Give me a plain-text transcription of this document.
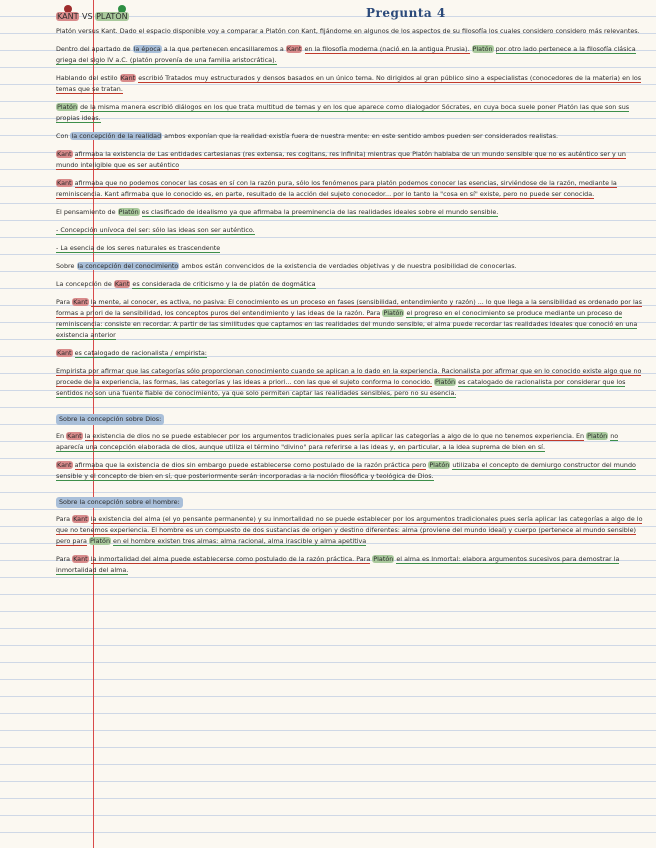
KANT VS PLATÓN	Pregunta 4

Platón versus Kant. Dado el espacio disponible voy a comparar a Platón con Kant, fijándome en algunos de los aspectos de su filosofía los cuales considero considero más relevantes.

Dentro del apartado de la época a la que pertenecen encasillaremos a Kant en la filosofía moderna (nació en la antigua Prusia). Platón por otro lado pertenece a la filosofía clásica griega del siglo IV a.C. (platón provenía de una familia aristocrática).

Hablando del estilo Kant escribió Tratados muy estructurados y densos basados en un único tema. No dirigidos al gran público sino a especialistas (conocedores de la materia) en los temas que se tratan.

Platón de la misma manera escribió diálogos en los que trata multitud de temas y en los que aparece como dialogador Sócrates, en cuya boca suele poner Platón las que son sus propias ideas.

Con la concepción de la realidad ambos exponían que la realidad existía fuera de nuestra mente: en este sentido ambos pueden ser considerados realistas.

Kant afirmaba la existencia de Las entidades cartesianas (res extensa, res cogitans, res infinita) mientras que Platón hablaba de un mundo sensible que no es auténtico ser y un mundo inteligible que es ser auténtico

Kant afirmaba que no podemos conocer las cosas en sí con la razón pura, sólo los fenómenos para platón podemos conocer las esencias, sirviéndose de la razón, mediante la reminiscencia. Kant afirmaba que lo conocido es, en parte, resultado de la acción del sujeto conocedor... por lo tanto la "cosa en sí" existe, pero no puede ser conocida.

El pensamiento de Platón es clasificado de idealismo ya que afirmaba la preeminencia de las realidades ideales sobre el mundo sensible.

- Concepción unívoca del ser: sólo las ideas son ser auténtico.

- La esencia de los seres naturales es trascendente

Sobre la concepción del conocimiento ambos están convencidos de la existencia de verdades objetivas y de nuestra posibilidad de conocerlas.

La concepción de Kant es considerada de criticismo y la de platón de dogmática

Para Kant la mente, al conocer, es activa, no pasiva: El conocimiento es un proceso en fases (sensibilidad, entendimiento y razón) ... lo que llega a la sensibilidad es ordenado por las formas a priori de la sensibilidad, los conceptos puros del entendimiento y las ideas de la razón. Para Platón el progreso en el conocimiento se produce mediante un proceso de reminiscencia: consiste en recordar. A partir de las similitudes que captamos en las realidades del mundo sensible, el alma puede recordar las realidades ideales que conoció en una existencia anterior

Kant es catalogado de racionalista / empirista:

Empirista por afirmar que las categorías sólo proporcionan conocimiento cuando se aplican a lo dado en la experiencia. Racionalista por afirmar que en lo conocido existe algo que no procede de la experiencia, las formas, las categorías y las ideas a priori... con las que el sujeto conforma lo conocido. Platón es catalogado de racionalista por considerar que los sentidos no son una fuente fiable de conocimiento, ya que solo permiten captar las realidades sensibles, pero no su esencia.

Sobre la concepción sobre Dios:

En Kant la existencia de dios no se puede establecer por los argumentos tradicionales pues sería aplicar las categorías a algo de lo que no tenemos experiencia. En Platón no aparecía una concepción elaborada de dios, aunque utiliza el término "divino" para referirse a las ideas y, en particular, a la idea suprema de bien en sí.

Kant afirmaba que la existencia de dios sin embargo puede establecerse como postulado de la razón práctica pero Platón utilizaba el concepto de demiurgo constructor del mundo sensible y el concepto de bien en sí, que posteriormente serán incorporadas a la noción filosófica y teológica de Dios.

Sobre la concepción sobre el hombre:

Para Kant la existencia del alma (el yo pensante permanente) y su inmortalidad no se puede establecer por los argumentos tradicionales pues sería aplicar las categorías a algo de lo que no tenemos experiencia. El hombre es un compuesto de dos sustancias de origen y destino diferentes: alma (proviene del mundo ideal) y cuerpo (pertenece al mundo sensible) pero para Platón en el hombre existen tres almas: alma racional, alma irascible y alma apetitiva

Para Kant la inmortalidad del alma puede establecerse como postulado de la razón práctica. Para Platón el alma es Inmortal: elabora argumentos sucesivos para demostrar la inmortalidad del alma.
